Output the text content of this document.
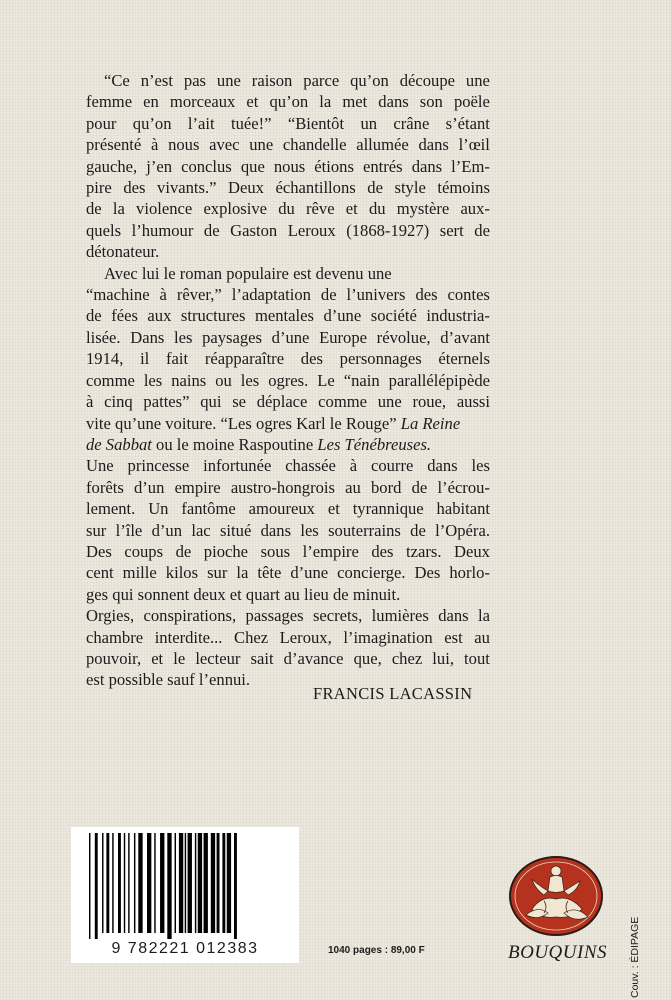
“Ce n’est pas une raison parce qu’on découpe une
femme en morceaux et qu’on la met dans son poële
pour qu’on l’ait tuée!” “Bientôt un crâne s’étant
présenté à nous avec une chandelle allumée dans l’œil
gauche, j’en conclus que nous étions entrés dans l’Em-
pire des vivants.” Deux échantillons de style témoins
de la violence explosive du rêve et du mystère aux-
quels l’humour de Gaston Leroux (1868-1927) sert de
détonateur.

Avec lui le roman populaire est devenu une
“machine à rêver,” l’adaptation de l’univers des contes
de fées aux structures mentales d’une société industria-
lisée. Dans les paysages d’une Europe révolue, d’avant
1914, il fait réapparaître des personnages éternels
comme les nains ou les ogres. Le “nain parallélépipède
à cinq pattes” qui se déplace comme une roue, aussi
vite qu’une voiture. “Les ogres Karl le Rouge” La Reine
de Sabbat ou le moine Raspoutine Les Ténébreuses.
Une princesse infortunée chassée à courre dans les
forêts d’un empire austro-hongrois au bord de l’écrou-
lement. Un fantôme amoureux et tyrannique habitant
sur l’île d’un lac situé dans les souterrains de l’Opéra.
Des coups de pioche sous l’empire des tzars. Deux
cent mille kilos sur la tête d’une concierge. Des horlo-
ges qui sonnent deux et quart au lieu de minuit.
Orgies, conspirations, passages secrets, lumières dans la
chambre interdite... Chez Leroux, l’imagination est au
pouvoir, et le lecteur sait d’avance que, chez lui, tout
est possible sauf l’ennui.

FRANCIS LACASSIN
9 782221 012383	1040 pages : 89,00 F	BOUQUINS Couv. : ÉDIPAGE
